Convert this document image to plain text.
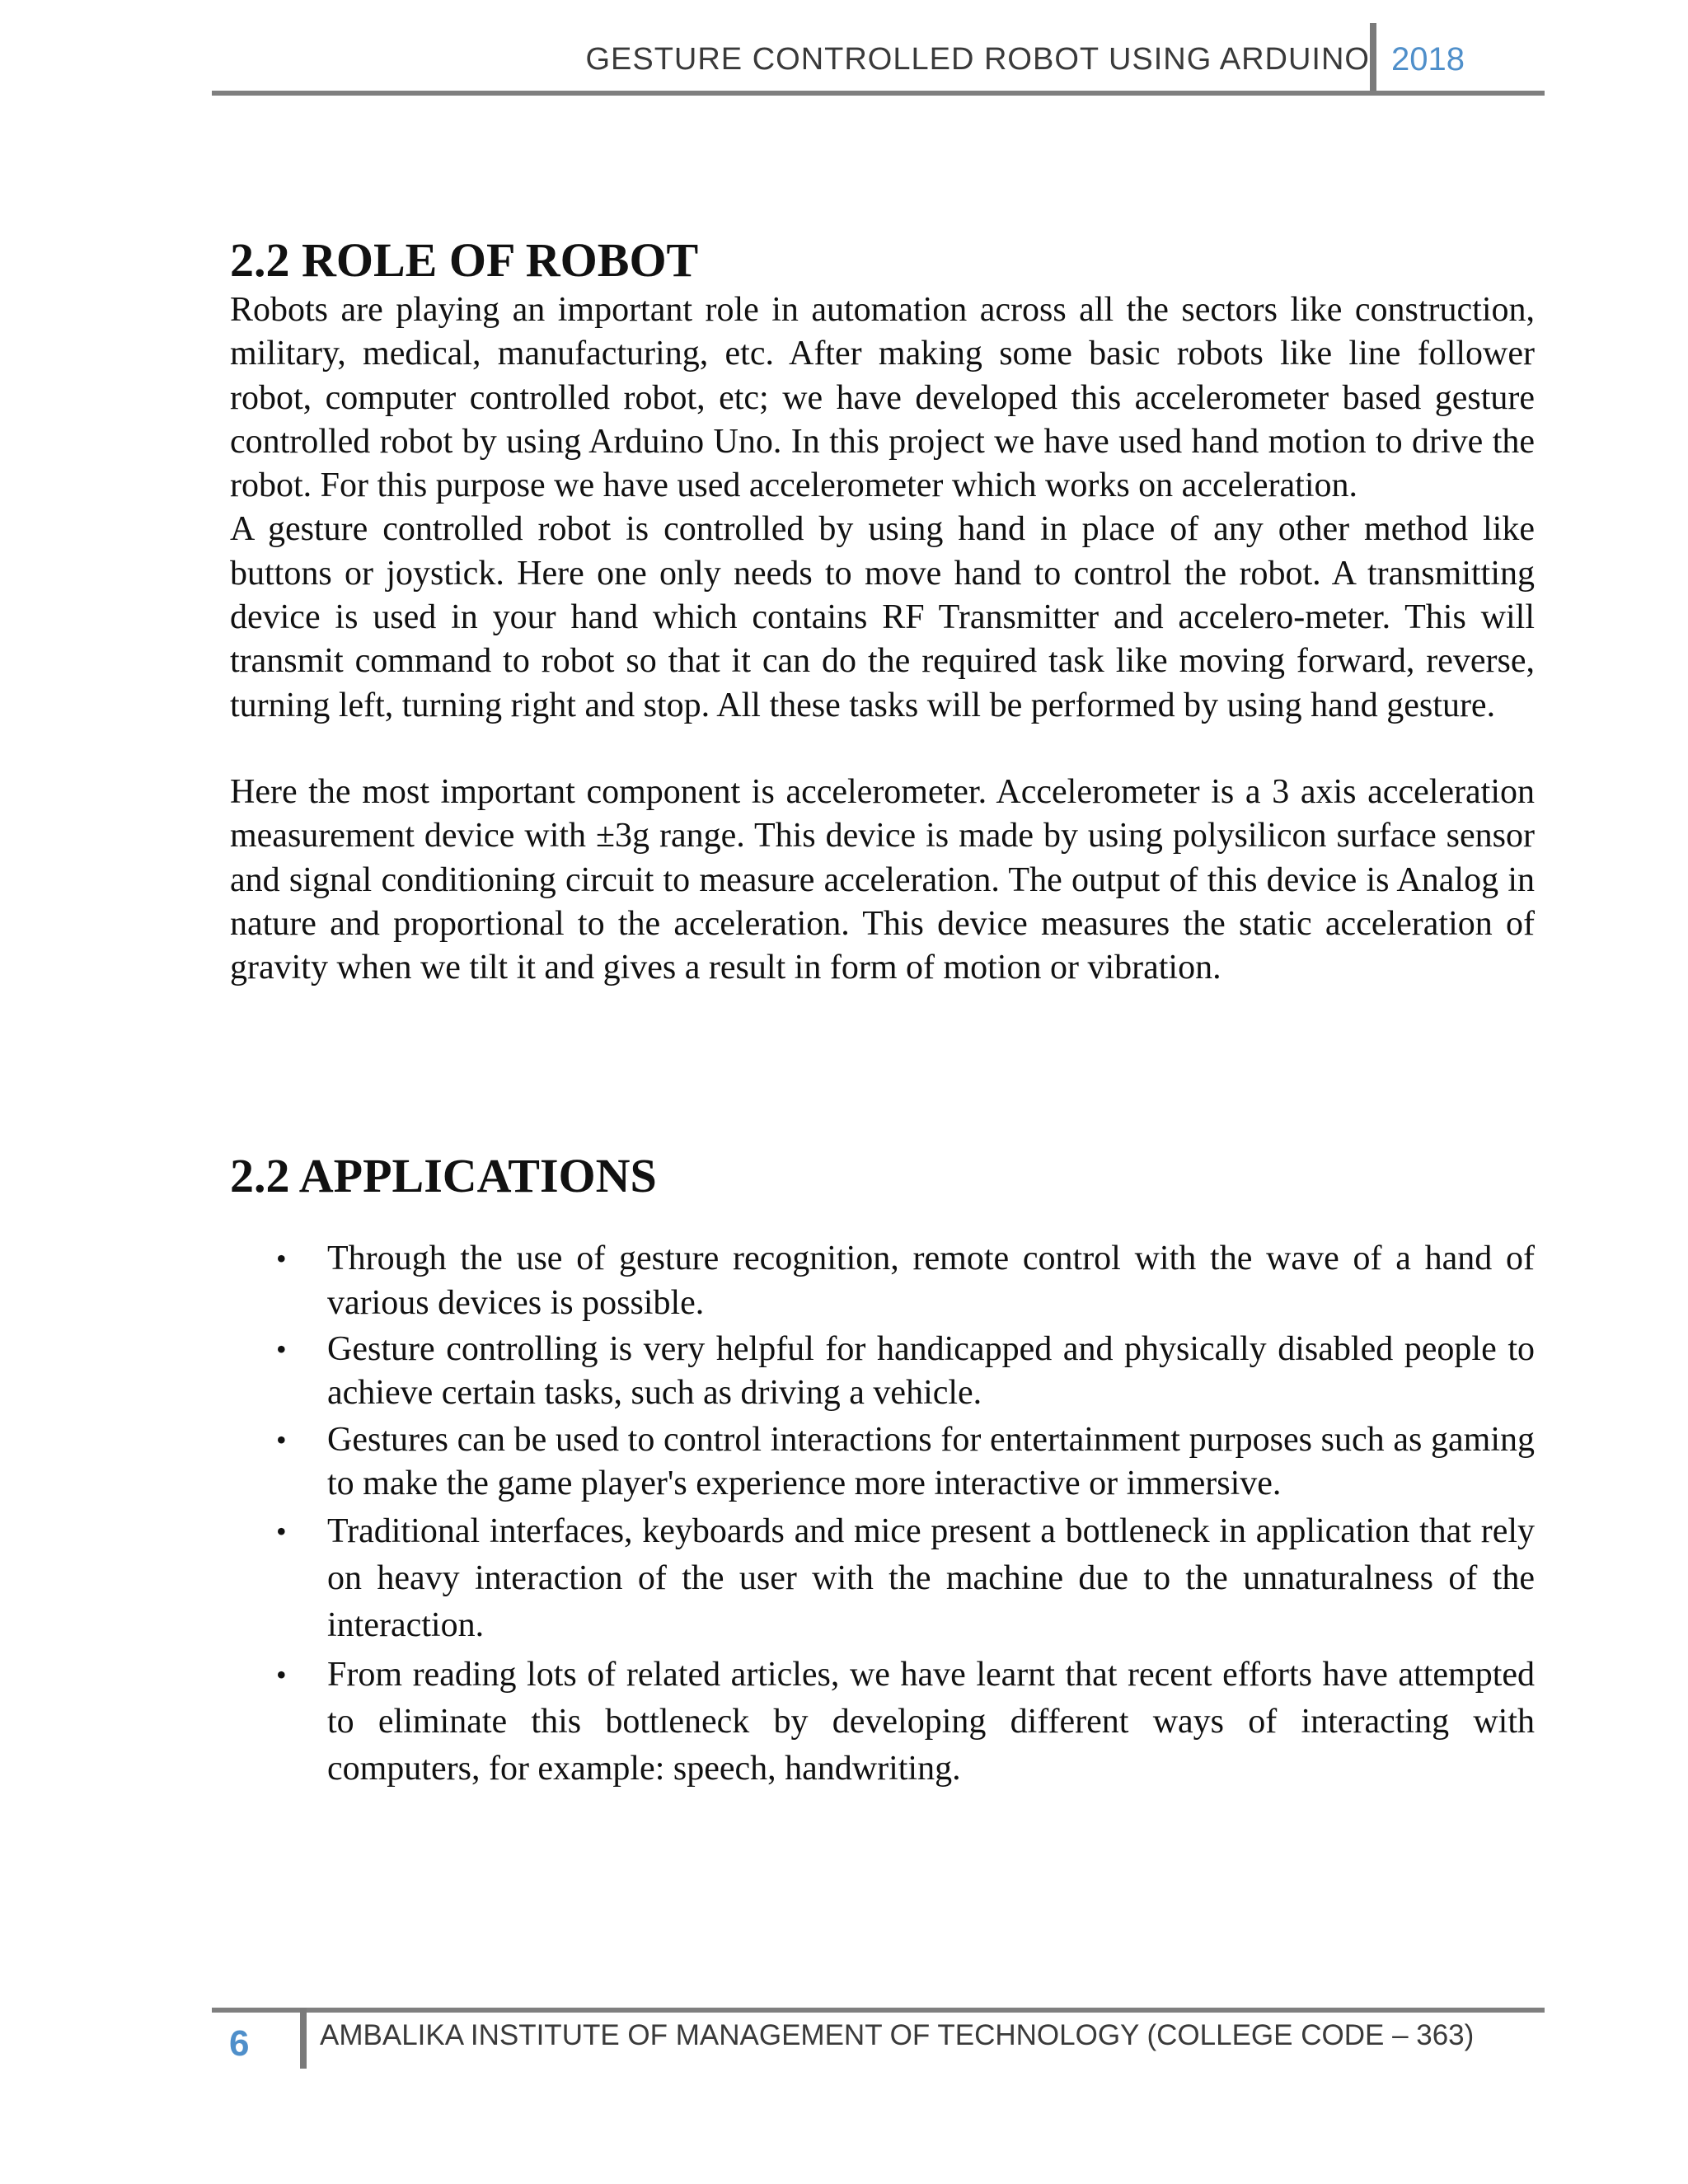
GESTURE CONTROLLED ROBOT USING ARDUINO 2018
2.2 ROLE OF ROBOT

Robots are playing an important role in automation across all the sectors like construction, military, medical, manufacturing, etc. After making some basic robots like line follower robot, computer controlled robot, etc; we have developed this accelerometer based gesture controlled robot by using Arduino Uno. In this project we have used hand motion to drive the robot. For this purpose we have used accelerometer which works on acceleration.

A gesture controlled robot is controlled by using hand in place of any other method like buttons or joystick. Here one only needs to move hand to control the robot. A transmitting device is used in your hand which contains RF Transmitter and accelero-meter. This will transmit command to robot so that it can do the required task like moving forward, reverse, turning left, turning right and stop. All these tasks will be performed by using hand gesture.

Here the most important component is accelerometer. Accelerometer is a 3 axis acceleration measurement device with ±3g range. This device is made by using polysilicon surface sensor and signal conditioning circuit to measure acceleration. The output of this device is Analog in nature and proportional to the acceleration. This device measures the static acceleration of gravity when we tilt it and gives a result in form of motion or vibration.

2.2 APPLICATIONS
• Through the use of gesture recognition, remote control with the wave of a hand of various devices is possible.
• Gesture controlling is very helpful for handicapped and physically disabled people to achieve certain tasks, such as driving a vehicle.
• Gestures can be used to control interactions for entertainment purposes such as gaming to make the game player's experience more interactive or immersive.
• Traditional interfaces, keyboards and mice present a bottleneck in application that rely on heavy interaction of the user with the machine due to the unnaturalness of the interaction.
• From reading lots of related articles, we have learnt that recent efforts have attempted to eliminate this bottleneck by developing different ways of interacting with computers, for example: speech, handwriting.
6	AMBALIKA INSTITUTE OF MANAGEMENT OF TECHNOLOGY (COLLEGE CODE – 363)
